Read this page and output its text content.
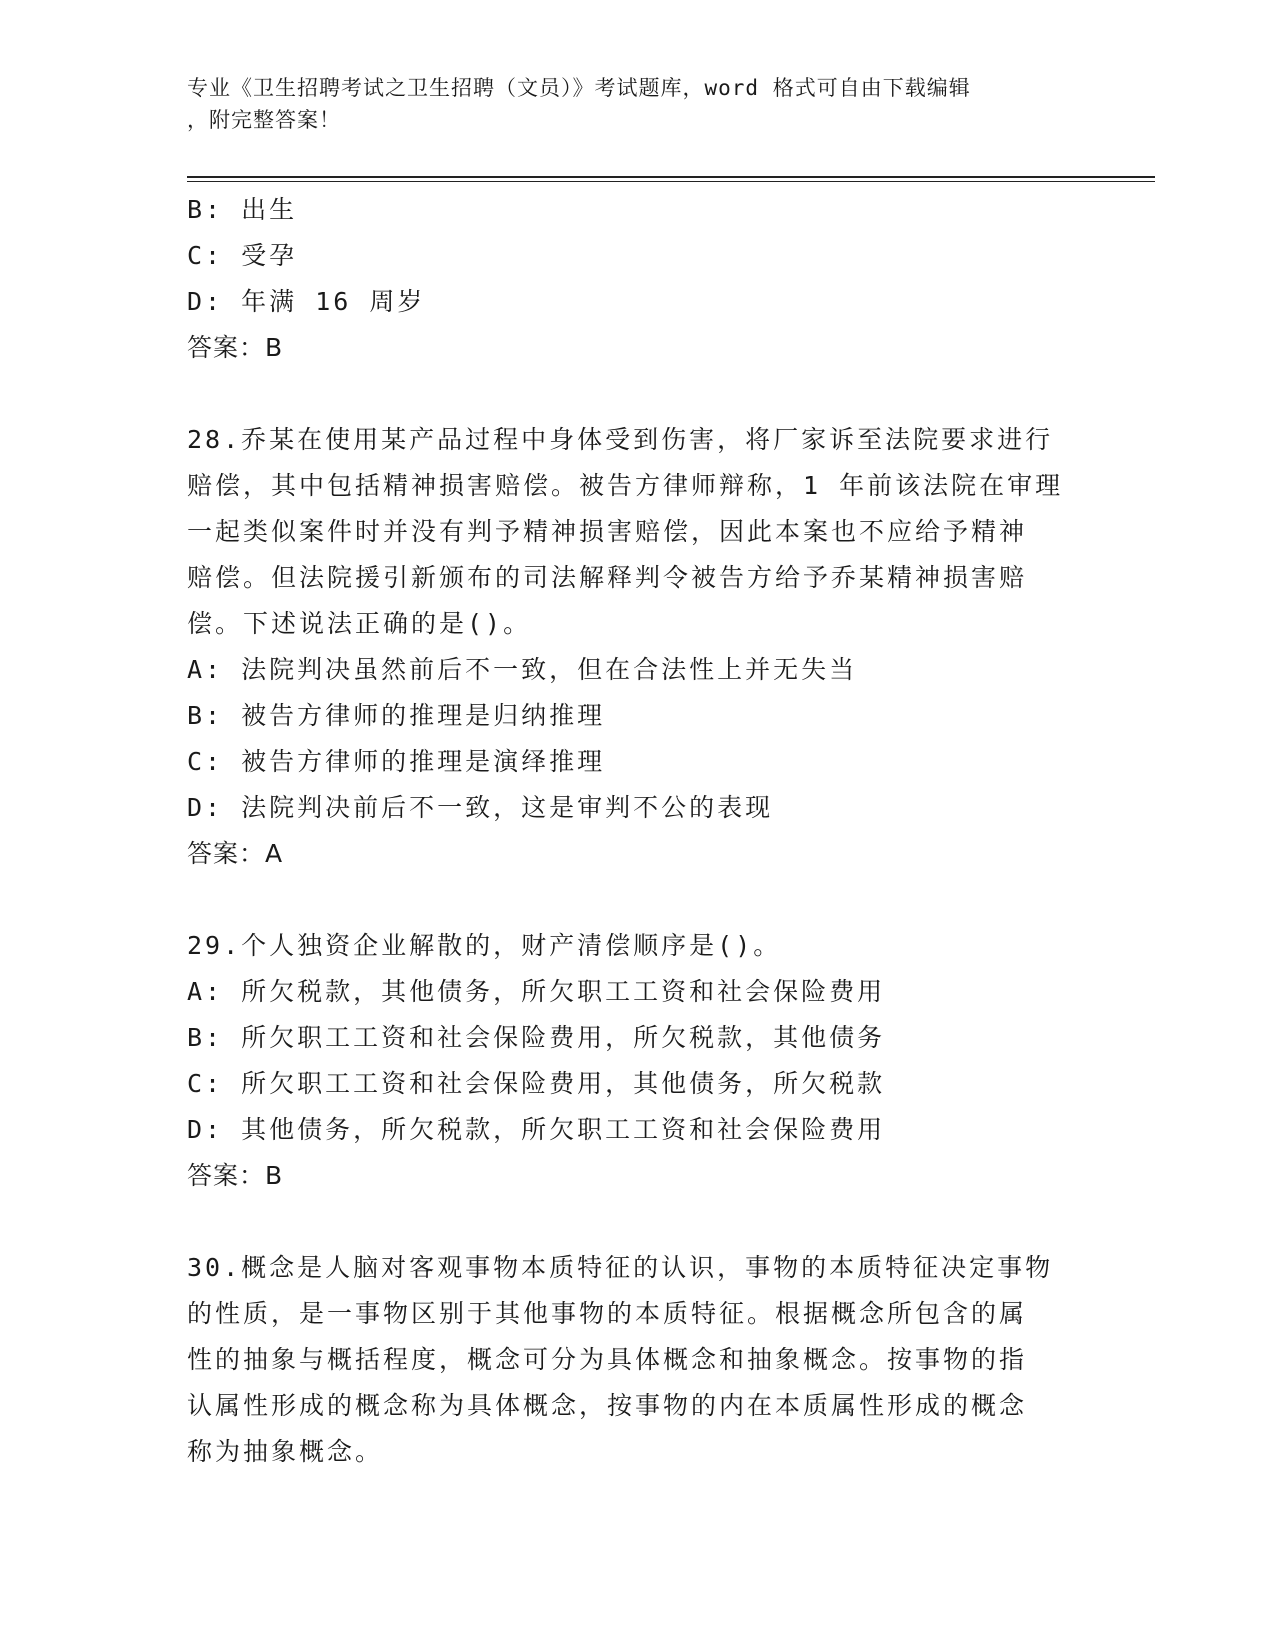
专业《卫生招聘考试之卫生招聘（文员）》考试题库，word 格式可自由下载编辑
，附完整答案！
B: 出生
C: 受孕
D: 年满 16 周岁
答案：B
28.乔某在使用某产品过程中身体受到伤害，将厂家诉至法院要求进行
赔偿，其中包括精神损害赔偿。被告方律师辩称，1 年前该法院在审理
一起类似案件时并没有判予精神损害赔偿，因此本案也不应给予精神
赔偿。但法院援引新颁布的司法解释判令被告方给予乔某精神损害赔
偿。下述说法正确的是()。
A: 法院判决虽然前后不一致，但在合法性上并无失当
B: 被告方律师的推理是归纳推理
C: 被告方律师的推理是演绎推理
D: 法院判决前后不一致，这是审判不公的表现
答案：A
29.个人独资企业解散的，财产清偿顺序是()。
A: 所欠税款，其他债务，所欠职工工资和社会保险费用
B: 所欠职工工资和社会保险费用，所欠税款，其他债务
C: 所欠职工工资和社会保险费用，其他债务，所欠税款
D: 其他债务，所欠税款，所欠职工工资和社会保险费用
答案：B
30.概念是人脑对客观事物本质特征的认识，事物的本质特征决定事物
的性质，是一事物区别于其他事物的本质特征。根据概念所包含的属
性的抽象与概括程度，概念可分为具体概念和抽象概念。按事物的指
认属性形成的概念称为具体概念，按事物的内在本质属性形成的概念
称为抽象概念。
